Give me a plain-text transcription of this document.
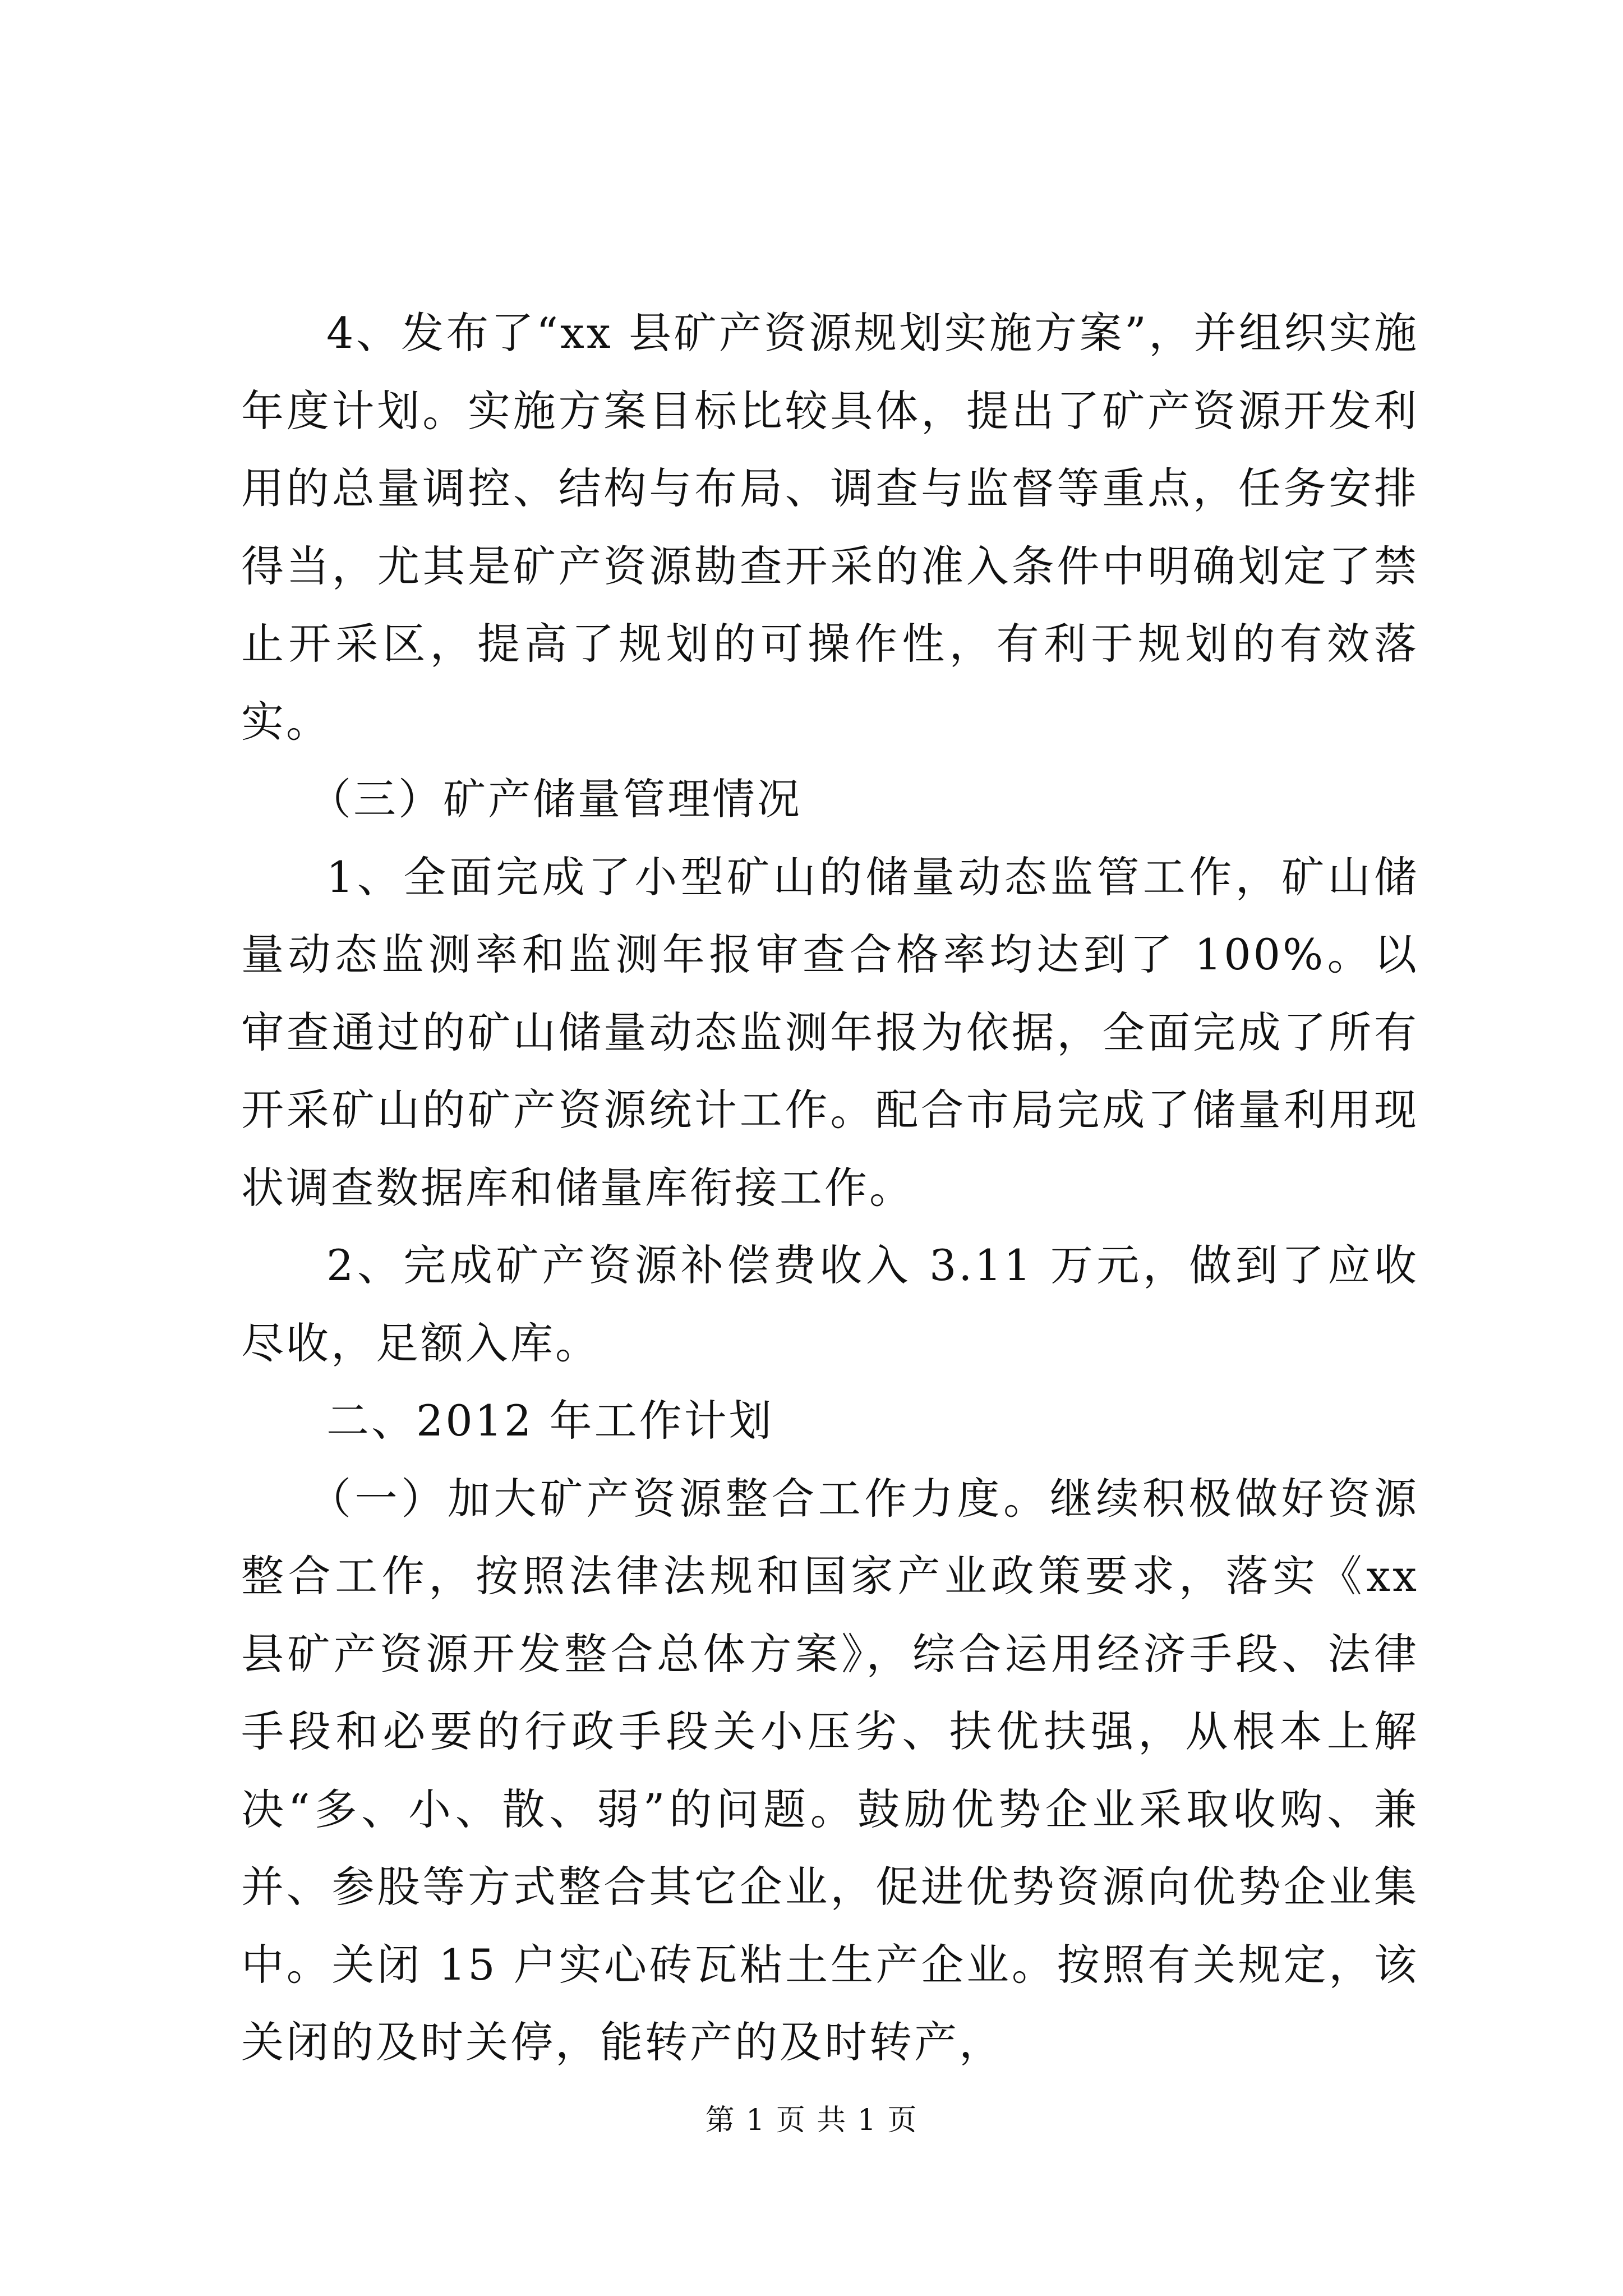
4、发布了“xx 县矿产资源规划实施方案”，并组织实施年度计划。实施方案目标比较具体，提出了矿产资源开发利用的总量调控、结构与布局、调查与监督等重点，任务安排得当，尤其是矿产资源勘查开采的准入条件中明确划定了禁止开采区，提高了规划的可操作性，有利于规划的有效落实。

（三）矿产储量管理情况

1、全面完成了小型矿山的储量动态监管工作，矿山储量动态监测率和监测年报审查合格率均达到了 100%。以审查通过的矿山储量动态监测年报为依据，全面完成了所有开采矿山的矿产资源统计工作。配合市局完成了储量利用现状调查数据库和储量库衔接工作。

2、完成矿产资源补偿费收入 3.11 万元，做到了应收尽收，足额入库。

二、2012 年工作计划

（一）加大矿产资源整合工作力度。继续积极做好资源整合工作，按照法律法规和国家产业政策要求，落实《xx 县矿产资源开发整合总体方案》，综合运用经济手段、法律手段和必要的行政手段关小压劣、扶优扶强，从根本上解决“多、小、散、弱”的问题。鼓励优势企业采取收购、兼并、参股等方式整合其它企业，促进优势资源向优势企业集中。关闭 15 户实心砖瓦粘土生产企业。按照有关规定，该关闭的及时关停，能转产的及时转产，

第 1 页 共 1 页
